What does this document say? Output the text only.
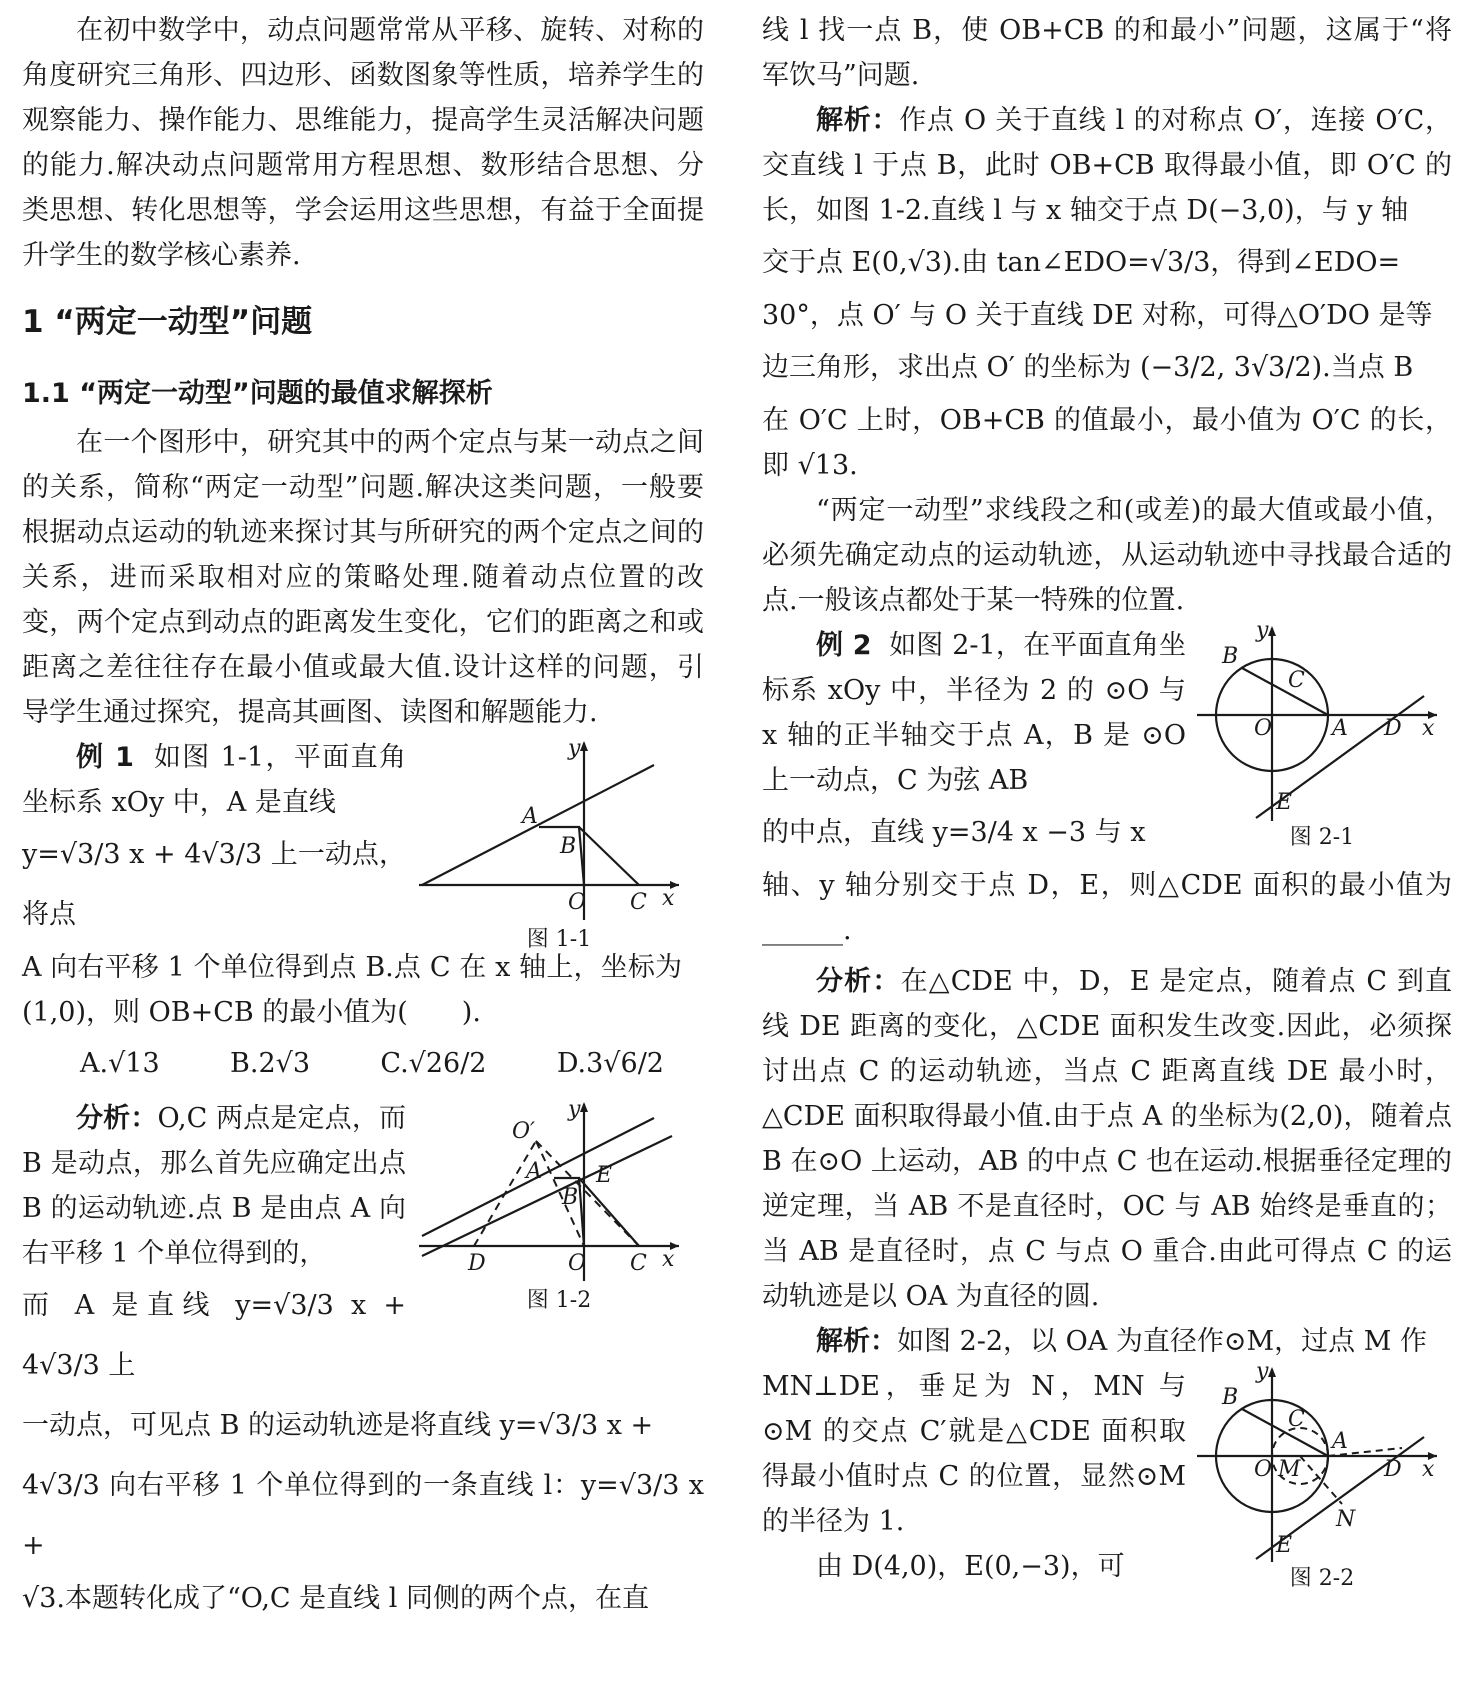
在初中数学中，动点问题常常从平移、旋转、对称的角度研究三角形、四边形、函数图象等性质，培养学生的观察能力、操作能力、思维能力，提高学生灵活解决问题的能力.解决动点问题常用方程思想、数形结合思想、分类思想、转化思想等，学会运用这些思想，有益于全面提升学生的数学核心素养.

1 “两定一动型”问题
1.1 “两定一动型”问题的最值求解探析

在一个图形中，研究其中的两个定点与某一动点之间的关系，简称“两定一动型”问题.解决这类问题，一般要根据动点运动的轨迹来探讨其与所研究的两个定点之间的关系，进而采取相对应的策略处理.随着动点位置的改变，两个定点到动点的距离发生变化，它们的距离之和或距离之差往往存在最小值或最大值.设计这样的问题，引导学生通过探究，提高其画图、读图和解题能力.

例 1 如图 1-1，平面直角坐标系 xOy 中，A 是直线

y=√3/3 x + 4√3/3 上一动点，将点

A 向右平移 1 个单位得到点 B.点 C 在 x 轴上，坐标为 (1,0)，则 OB+CB 的最小值为(　　).

y
x
A
B
O C
图 1-1
A.√13	B.2√3	C.√26/2	D.3√6/2

分析：O,C 两点是定点，而 B 是动点，那么首先应确定出点 B 的运动轨迹.点 B 是由点 A 向右平移 1 个单位得到的，

而 A 是直线 y=√3/3 x + 4√3/3 上

y
x
O′
A
B
E
D	O C
图 1-2

一动点，可见点 B 的运动轨迹是将直线 y=√3/3 x +

4√3/3 向右平移 1 个单位得到的一条直线 l：y=√3/3 x +

√3.本题转化成了“O,C 是直线 l 同侧的两个点，在直

线 l 找一点 B，使 OB+CB 的和最小”问题，这属于“将军饮马”问题.

解析：作点 O 关于直线 l 的对称点 O′，连接 O′C，交直线 l 于点 B，此时 OB+CB 取得最小值，即 O′C 的长，如图 1-2.直线 l 与 x 轴交于点 D(−3,0)，与 y 轴

交于点 E(0,√3).由 tan∠EDO=√3/3，得到∠EDO=

30°，点 O′ 与 O 关于直线 DE 对称，可得△O′DO 是等

边三角形，求出点 O′ 的坐标为 (−3/2, 3√3/2).当点 B

在 O′C 上时，OB+CB 的值最小，最小值为 O′C 的长，即 √13.

“两定一动型”求线段之和(或差)的最大值或最小值，必须先确定动点的运动轨迹，从运动轨迹中寻找最合适的点.一般该点都处于某一特殊的位置.

例 2 如图 2-1，在平面直角坐标系 xOy 中，半径为 2 的 ⊙O 与 x 轴的正半轴交于点 A，B 是 ⊙O 上一动点，C 为弦 AB

的中点，直线 y=3/4 x −3 与 x

y
x
B
C
O	A D
E
图 2-1

轴、y 轴分别交于点 D，E，则△CDE 面积的最小值为______.

分析：在△CDE 中，D，E 是定点，随着点 C 到直线 DE 距离的变化，△CDE 面积发生改变.因此，必须探讨出点 C 的运动轨迹，当点 C 距离直线 DE 最小时，△CDE 面积取得最小值.由于点 A 的坐标为(2,0)，随着点 B 在⊙O 上运动，AB 的中点 C 也在运动.根据垂径定理的逆定理，当 AB 不是直径时，OC 与 AB 始终是垂直的；当 AB 是直径时，点 C 与点 O 重合.由此可得点 C 的运动轨迹是以 OA 为直径的圆.

解析：如图 2-2，以 OA 为直径作⊙M，过点 M 作

MN⊥DE，垂足为 N，MN 与 ⊙M 的交点 C′就是△CDE 面积取得最小值时点 C 的位置，显然⊙M 的半径为 1.

由 D(4,0)，E(0,−3)，可

y
x
B
C
O M
A
D
N
E
图 2-2
